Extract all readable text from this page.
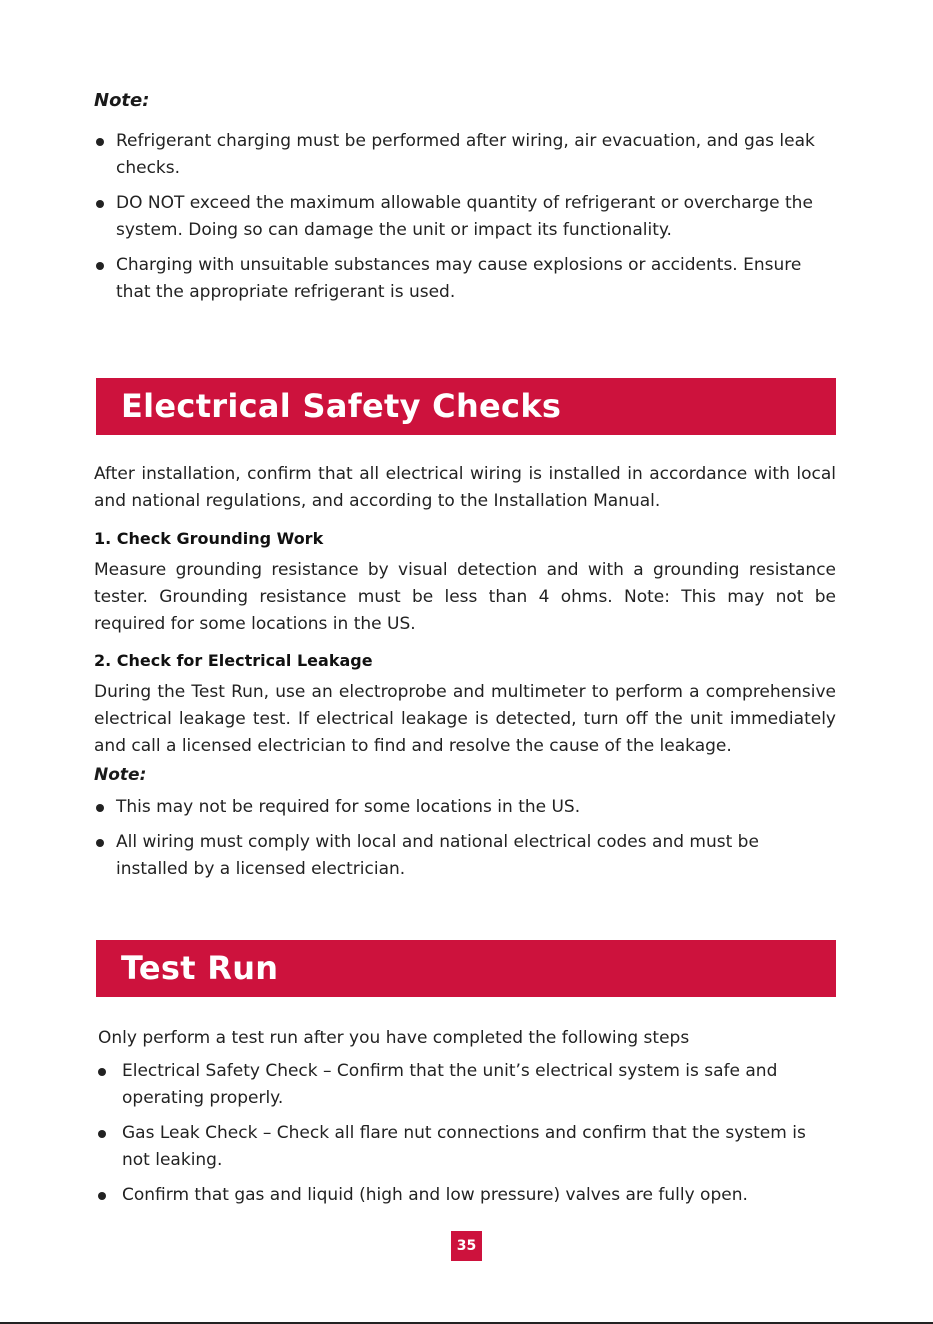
Note:
Refrigerant charging must be performed after wiring, air evacuation, and gas leak checks.
DO NOT exceed the maximum allowable quantity of refrigerant or overcharge the system. Doing so can damage the unit or impact its functionality.
Charging with unsuitable substances may cause explosions or accidents. Ensure that the appropriate refrigerant is used.
Electrical Safety Checks

After installation, confirm that all electrical wiring is installed in accordance with local and national regulations, and according to the Installation Manual.

1. Check Grounding Work

Measure grounding resistance by visual detection and with a grounding resistance tester. Grounding resistance must be less than 4 ohms. Note: This may not be required for some locations in the US.

2. Check for Electrical Leakage

During the Test Run, use an electroprobe and multimeter to perform a comprehensive electrical leakage test. If electrical leakage is detected, turn off the unit immediately and call a licensed electrician to find and resolve the cause of the leakage.

Note:
This may not be required for some locations in the US.
All wiring must comply with local and national electrical codes and must be installed by a licensed electrician.
Test Run

Only perform a test run after you have completed the following steps

Electrical Safety Check – Confirm that the unit’s electrical system is safe and operating properly.
Gas Leak Check – Check all flare nut connections and confirm that the system is not leaking.
Confirm that gas and liquid (high and low pressure) valves are fully open.
35
